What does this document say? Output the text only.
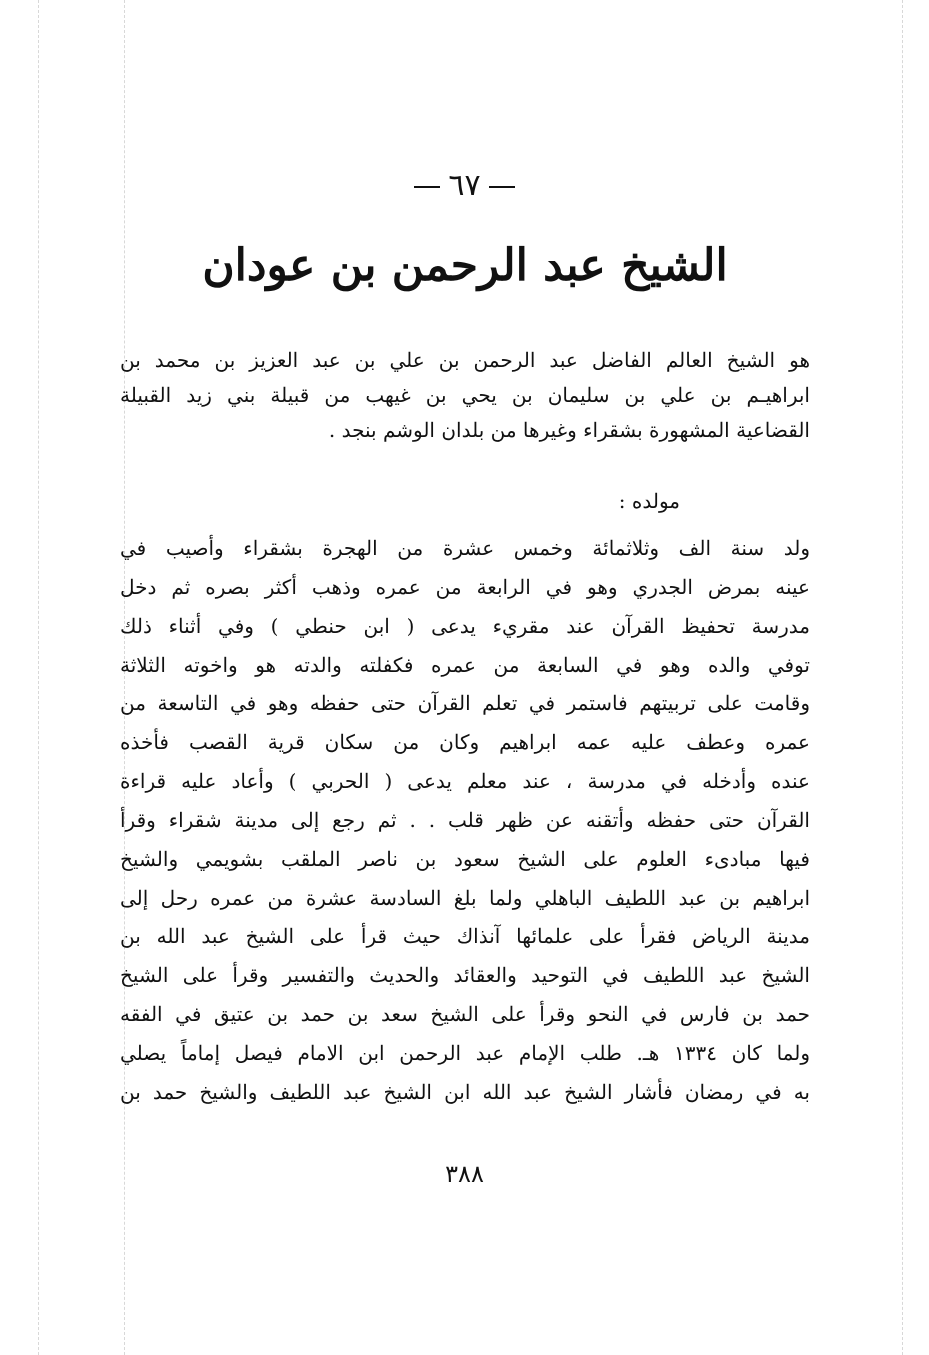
٦٧
الشيخ عبد الرحمن بن عودان
هو الشيخ العالم الفاضل عبد الرحمن بن علي بن عبد العزيز بن محمد بن
ابراهيـم بن علي بن سليمان بن يحي بن غيهب من قبيلة بني زيد القبيلة
القضاعية المشهورة بشقراء وغيرها من بلدان الوشم بنجد .
مولده :
ولد سنة الف وثلاثمائة وخمس عشرة من الهجرة بشقراء وأصيب في
عينه بمرض الجدري وهو في الرابعة من عمره وذهب أكثر بصره ثم دخل
مدرسة تحفيظ القرآن عند مقريء يدعى ( ابن حنطي ) وفي أثناء ذلك
توفي والده وهو في السابعة من عمره فكفلته والدته هو واخوته الثلاثة
وقامت على تربيتهم فاستمر في تعلم القرآن حتى حفظه وهو في التاسعة من
عمره وعطف عليه عمه ابراهيم وكان من سكان قرية القصب فأخذه
عنده وأدخله في مدرسة ، عند معلم يدعى ( الحربي ) وأعاد عليه قراءة
القرآن حتى حفظه وأتقنه عن ظهر قلب . . ثم رجع إلى مدينة شقراء وقرأ
فيها مبادىء العلوم على الشيخ سعود بن ناصر الملقب بشويمي والشيخ
ابراهيم بن عبد اللطيف الباهلي ولما بلغ السادسة عشرة من عمره رحل إلى
مدينة الرياض فقرأ على علمائها آنذاك حيث قرأ على الشيخ عبد الله بن
الشيخ عبد اللطيف في التوحيد والعقائد والحديث والتفسير وقرأ على الشيخ
حمد بن فارس في النحو وقرأ على الشيخ سعد بن حمد بن عتيق في الفقه
ولما كان ١٣٣٤ هـ. طلب الإمام عبد الرحمن ابن الامام فيصل إماماً يصلي
به في رمضان فأشار الشيخ عبد الله ابن الشيخ عبد اللطيف والشيخ حمد بن
٣٨٨
